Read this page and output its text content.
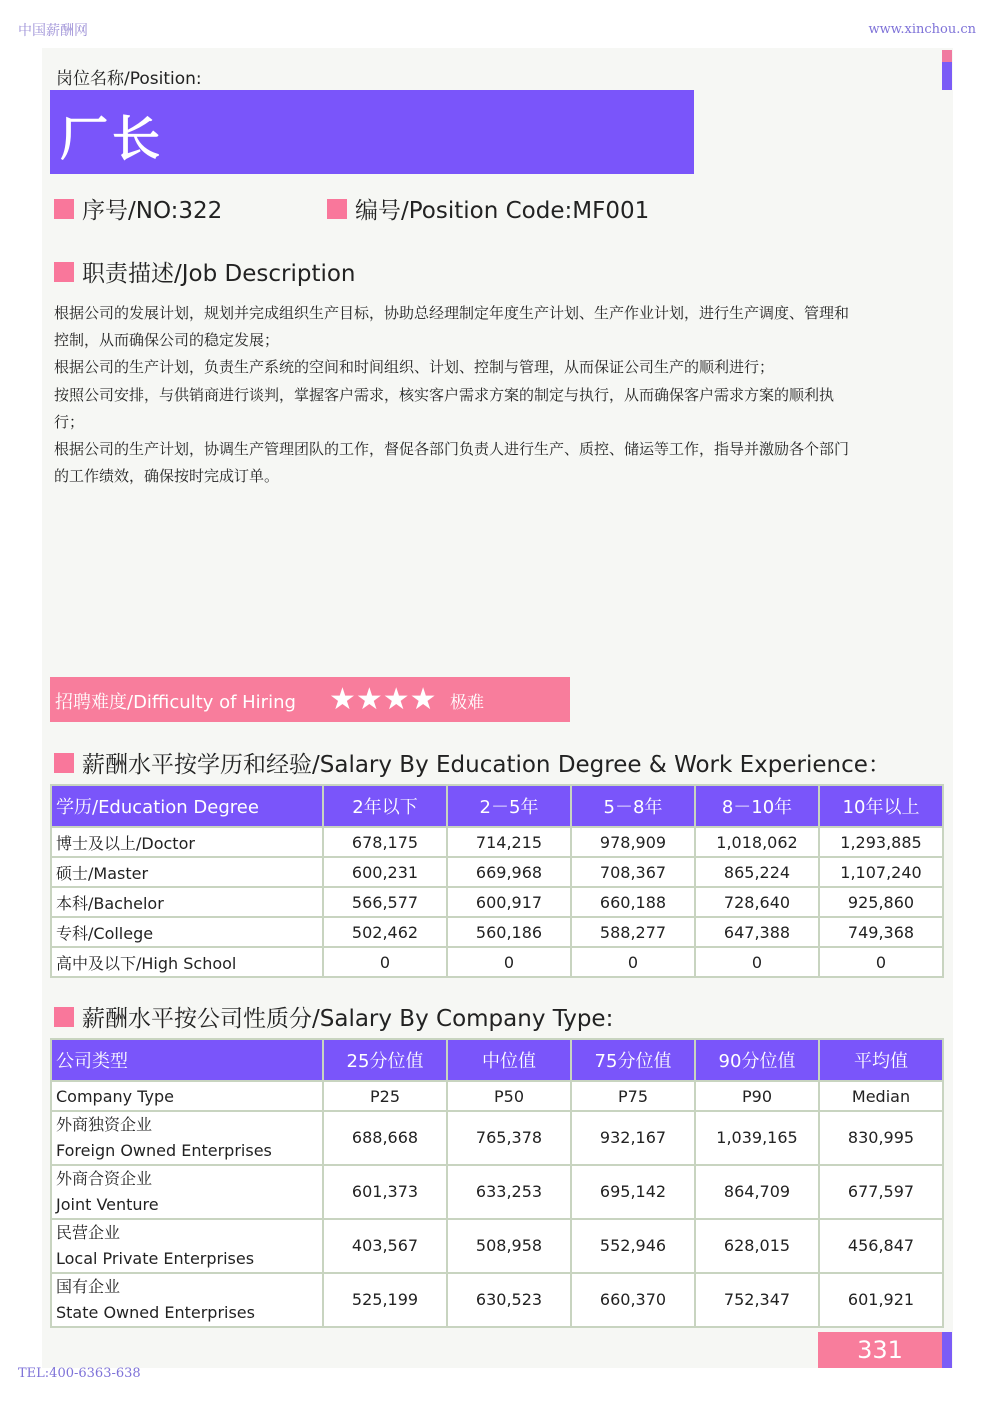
中国薪酬网	www.xinchou.cn
岗位名称/Position:
厂长
序号/NO:322	编号/Position Code:MF001
职责描述/Job Description

根据公司的发展计划，规划并完成组织生产目标，协助总经理制定年度生产计划、生产作业计划，进行生产调度、管理和

控制，从而确保公司的稳定发展；

根据公司的生产计划，负责生产系统的空间和时间组织、计划、控制与管理，从而保证公司生产的顺利进行；

按照公司安排，与供销商进行谈判，掌握客户需求，核实客户需求方案的制定与执行，从而确保客户需求方案的顺利执

行；

根据公司的生产计划，协调生产管理团队的工作，督促各部门负责人进行生产、质控、储运等工作，指导并激励各个部门

的工作绩效，确保按时完成订单。

招聘难度/Difficulty of Hiring ★★★★ 极难
薪酬水平按学历和经验/Salary By Education Degree & Work Experience：
学历/Education Degree	2年以下	2－5年	5－8年	8－10年	10年以上
博士及以上/Doctor	678,175	714,215	978,909	1,018,062	1,293,885
硕士/Master	600,231	669,968	708,367	865,224	1,107,240
本科/Bachelor	566,577	600,917	660,188	728,640	925,860
专科/College	502,462	560,186	588,277	647,388	749,368
高中及以下/High School	0	0	0	0	0
薪酬水平按公司性质分/Salary By Company Type:
公司类型	25分位值	中位值	75分位值	90分位值	平均值
Company Type	P25	P50	P75	P90	Median

外商独资企业
Foreign Owned Enterprises	688,668	765,378	932,167	1,039,165	830,995

外商合资企业
Joint Venture	601,373	633,253	695,142	864,709	677,597

民营企业
Local Private Enterprises	403,567	508,958	552,946	628,015	456,847

国有企业
State Owned Enterprises	525,199	630,523	660,370	752,347	601,921
331
TEL:400-6363-638
